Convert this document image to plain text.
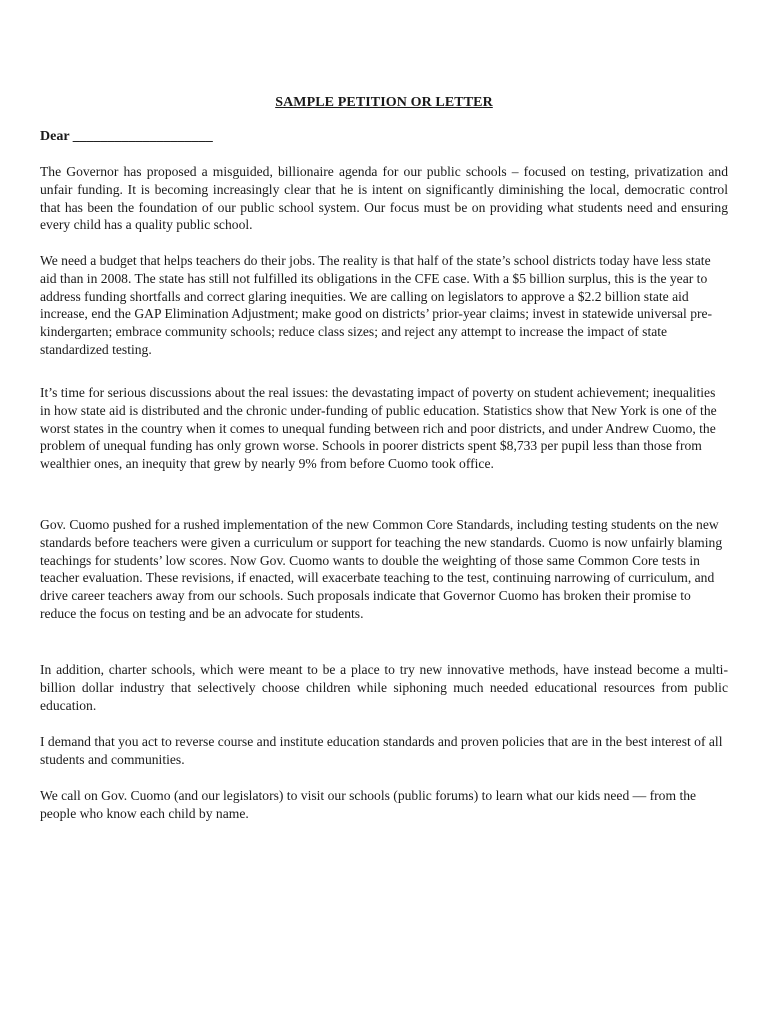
SAMPLE PETITION OR LETTER
Dear ____________________

The Governor has proposed a misguided, billionaire agenda for our public schools – focused on testing, privatization and unfair funding. It is becoming increasingly clear that he is intent on significantly diminishing the local, democratic control that has been the foundation of our public school system. Our focus must be on providing what students need and ensuring every child has a quality public school.

We need a budget that helps teachers do their jobs. The reality is that half of the state’s school districts today have less state aid than in 2008. The state has still not fulfilled its obligations in the CFE case. With a $5 billion surplus, this is the year to address funding shortfalls and correct glaring inequities. We are calling on legislators to approve a $2.2 billion state aid increase, end the GAP Elimination Adjustment; make good on districts’ prior-year claims; invest in statewide universal pre-kindergarten; embrace community schools; reduce class sizes; and reject any attempt to increase the impact of state standardized testing.

It’s time for serious discussions about the real issues: the devastating impact of poverty on student achievement; inequalities in how state aid is distributed and the chronic under-funding of public education. Statistics show that New York is one of the worst states in the country when it comes to unequal funding between rich and poor districts, and under Andrew Cuomo, the problem of unequal funding has only grown worse. Schools in poorer districts spent $8,733 per pupil less than those from wealthier ones, an inequity that grew by nearly 9% from before Cuomo took office.

Gov. Cuomo pushed for a rushed implementation of the new Common Core Standards, including testing students on the new standards before teachers were given a curriculum or support for teaching the new standards. Cuomo is now unfairly blaming teachings for students’ low scores. Now Gov. Cuomo wants to double the weighting of those same Common Core tests in teacher evaluation. These revisions, if enacted, will exacerbate teaching to the test, continuing narrowing of curriculum, and drive career teachers away from our schools. Such proposals indicate that Governor Cuomo has broken their promise to reduce the focus on testing and be an advocate for students.

In addition, charter schools, which were meant to be a place to try new innovative methods, have instead become a multi-billion dollar industry that selectively choose children while siphoning much needed educational resources from public education.

I demand that you act to reverse course and institute education standards and proven policies that are in the best interest of all students and communities.

We call on Gov. Cuomo (and our legislators) to visit our schools (public forums) to learn what our kids need — from the people who know each child by name.
